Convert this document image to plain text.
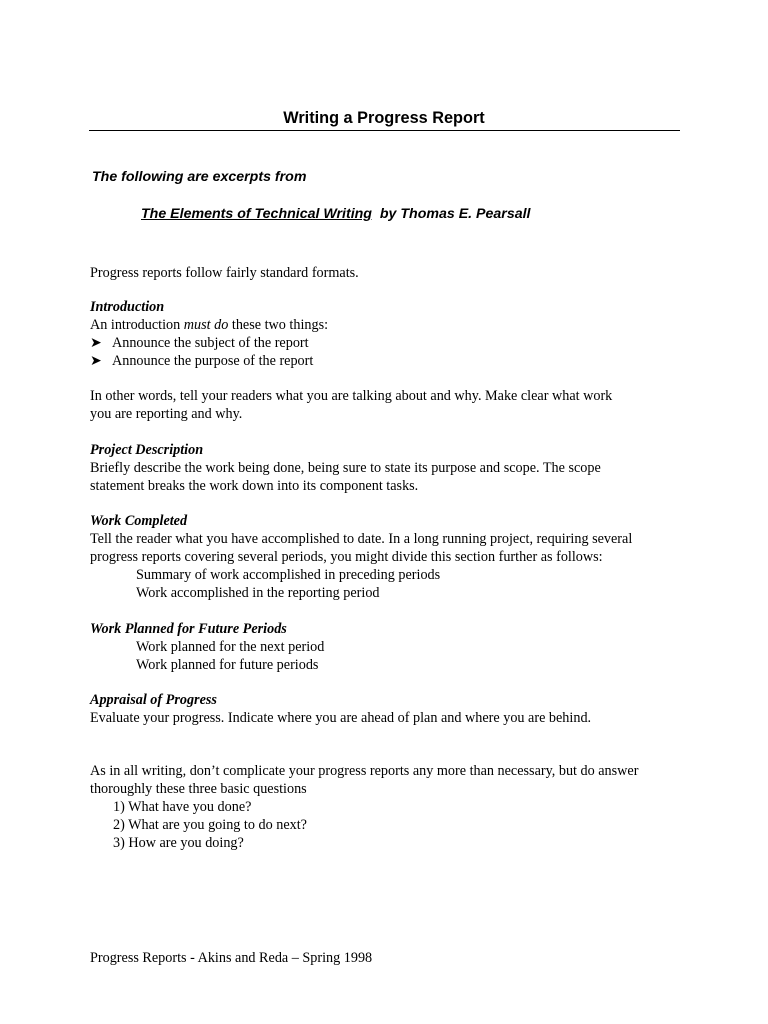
Writing a Progress Report
The following are excerpts from
The Elements of Technical Writing by Thomas E. Pearsall
Progress reports follow fairly standard formats.
Introduction
An introduction must do these two things:
➤ Announce the subject of the report
➤ Announce the purpose of the report
In other words, tell your readers what you are talking about and why. Make clear what work
you are reporting and why.
Project Description
Briefly describe the work being done, being sure to state its purpose and scope. The scope
statement breaks the work down into its component tasks.
Work Completed
Tell the reader what you have accomplished to date. In a long running project, requiring several
progress reports covering several periods, you might divide this section further as follows:
Summary of work accomplished in preceding periods
Work accomplished in the reporting period
Work Planned for Future Periods
Work planned for the next period
Work planned for future periods
Appraisal of Progress
Evaluate your progress. Indicate where you are ahead of plan and where you are behind.
As in all writing, don’t complicate your progress reports any more than necessary, but do answer
thoroughly these three basic questions
1) What have you done?
2) What are you going to do next?
3) How are you doing?
Progress Reports - Akins and Reda – Spring 1998
